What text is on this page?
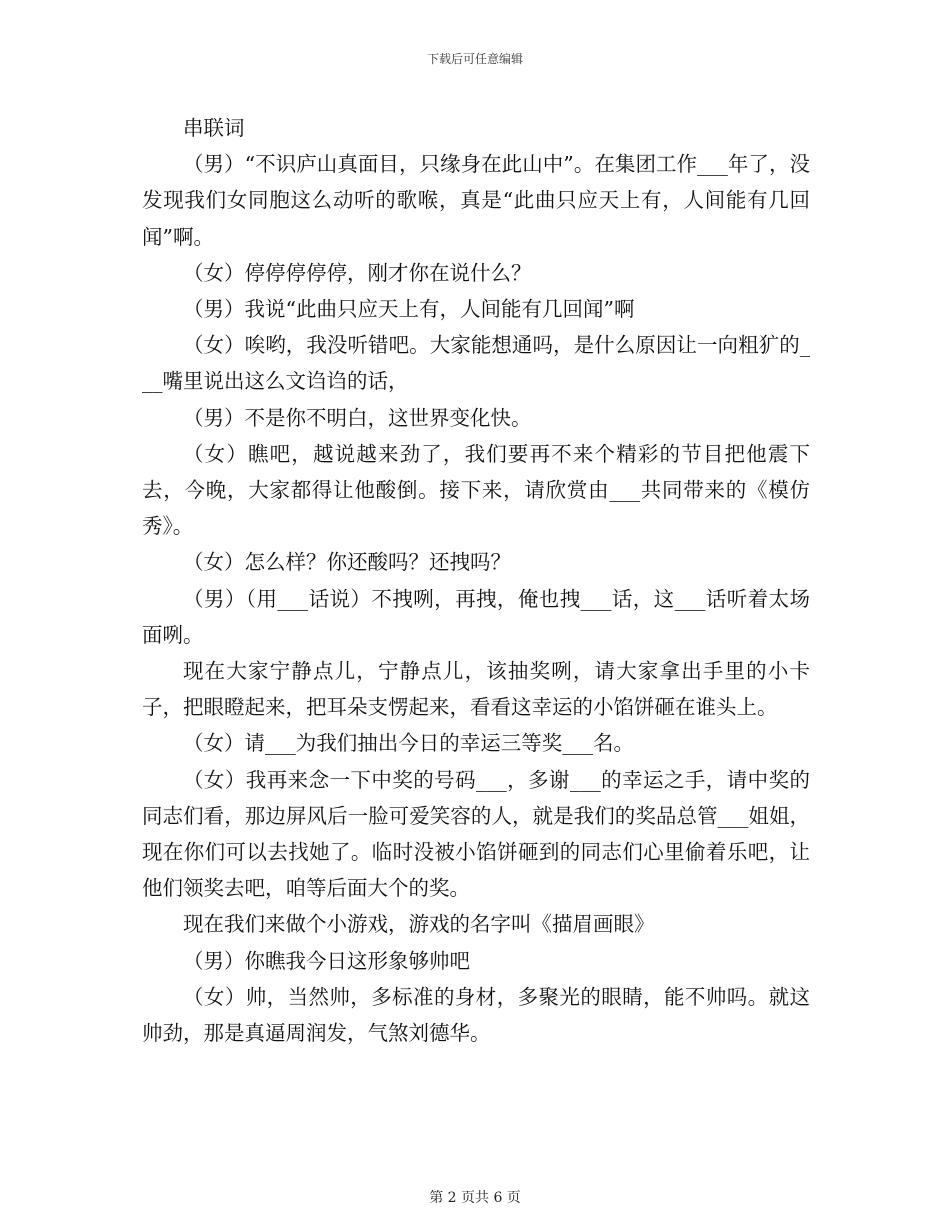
下载后可任意编辑

串联词

（男）“不识庐山真面目，只缘身在此山中”。在集团工作___年了，没发现我们女同胞这么动听的歌喉，真是“此曲只应天上有，人间能有几回闻”啊。

（女）停停停停停，刚才你在说什么？

（男）我说“此曲只应天上有，人间能有几回闻”啊

（女）唉哟，我没听错吧。大家能想通吗，是什么原因让一向粗犷的___嘴里说出这么文诌诌的话，

（男）不是你不明白，这世界变化快。

（女）瞧吧，越说越来劲了，我们要再不来个精彩的节目把他震下去，今晚，大家都得让他酸倒。接下来，请欣赏由___共同带来的《模仿秀》。

（女）怎么样？你还酸吗？还拽吗？

（男）（用___话说）不拽咧，再拽，俺也拽___话，这___话听着太场面咧。

现在大家宁静点儿，宁静点儿，该抽奖咧，请大家拿出手里的小卡子，把眼瞪起来，把耳朵支愣起来，看看这幸运的小馅饼砸在谁头上。

（女）请___为我们抽出今日的幸运三等奖___名。

（女）我再来念一下中奖的号码___，多谢___的幸运之手，请中奖的同志们看，那边屏风后一脸可爱笑容的人，就是我们的奖品总管___姐姐，现在你们可以去找她了。临时没被小馅饼砸到的同志们心里偷着乐吧，让他们领奖去吧，咱等后面大个的奖。

现在我们来做个小游戏，游戏的名字叫《描眉画眼》

（男）你瞧我今日这形象够帅吧

（女）帅，当然帅，多标准的身材，多聚光的眼睛，能不帅吗。就这帅劲，那是真逼周润发，气煞刘德华。

第 2 页共 6 页
